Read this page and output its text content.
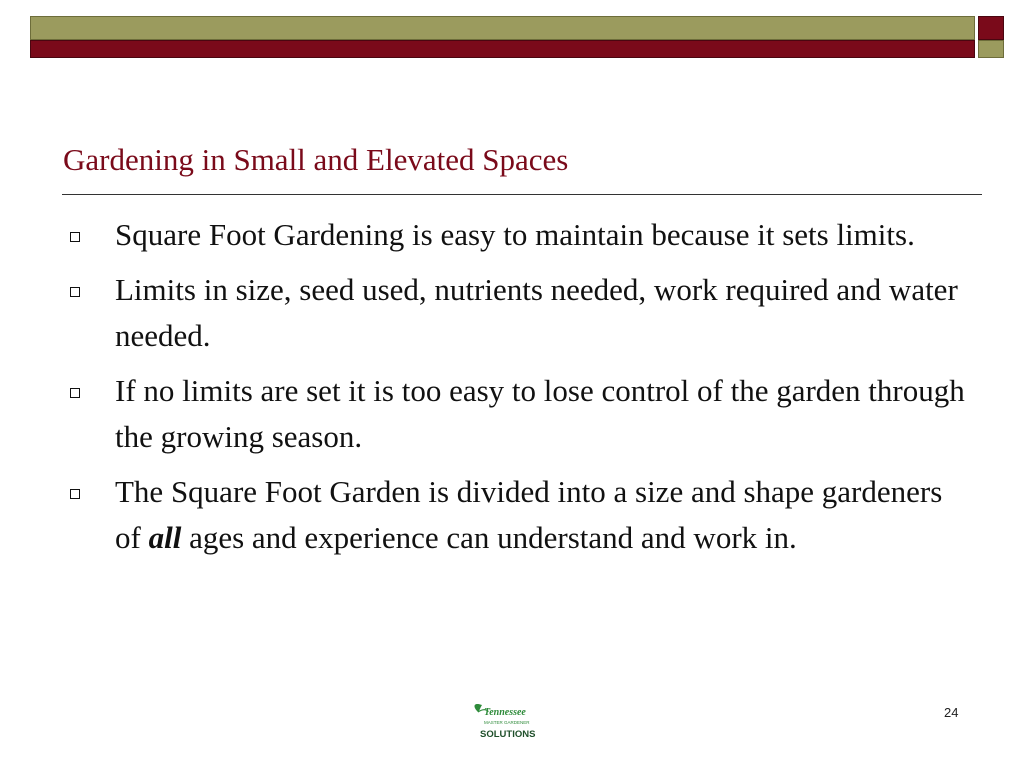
Gardening in Small and Elevated Spaces
Square Foot Gardening is easy to maintain because it sets limits.
Limits in size, seed used, nutrients needed, work required and water needed.
If no limits are set it is too easy to lose control of the garden through the growing season.
The Square Foot Garden is divided into a size and shape gardeners of all ages and experience can understand and work in.
Tennessee
MASTER GARDENER
SOLUTIONS
24
